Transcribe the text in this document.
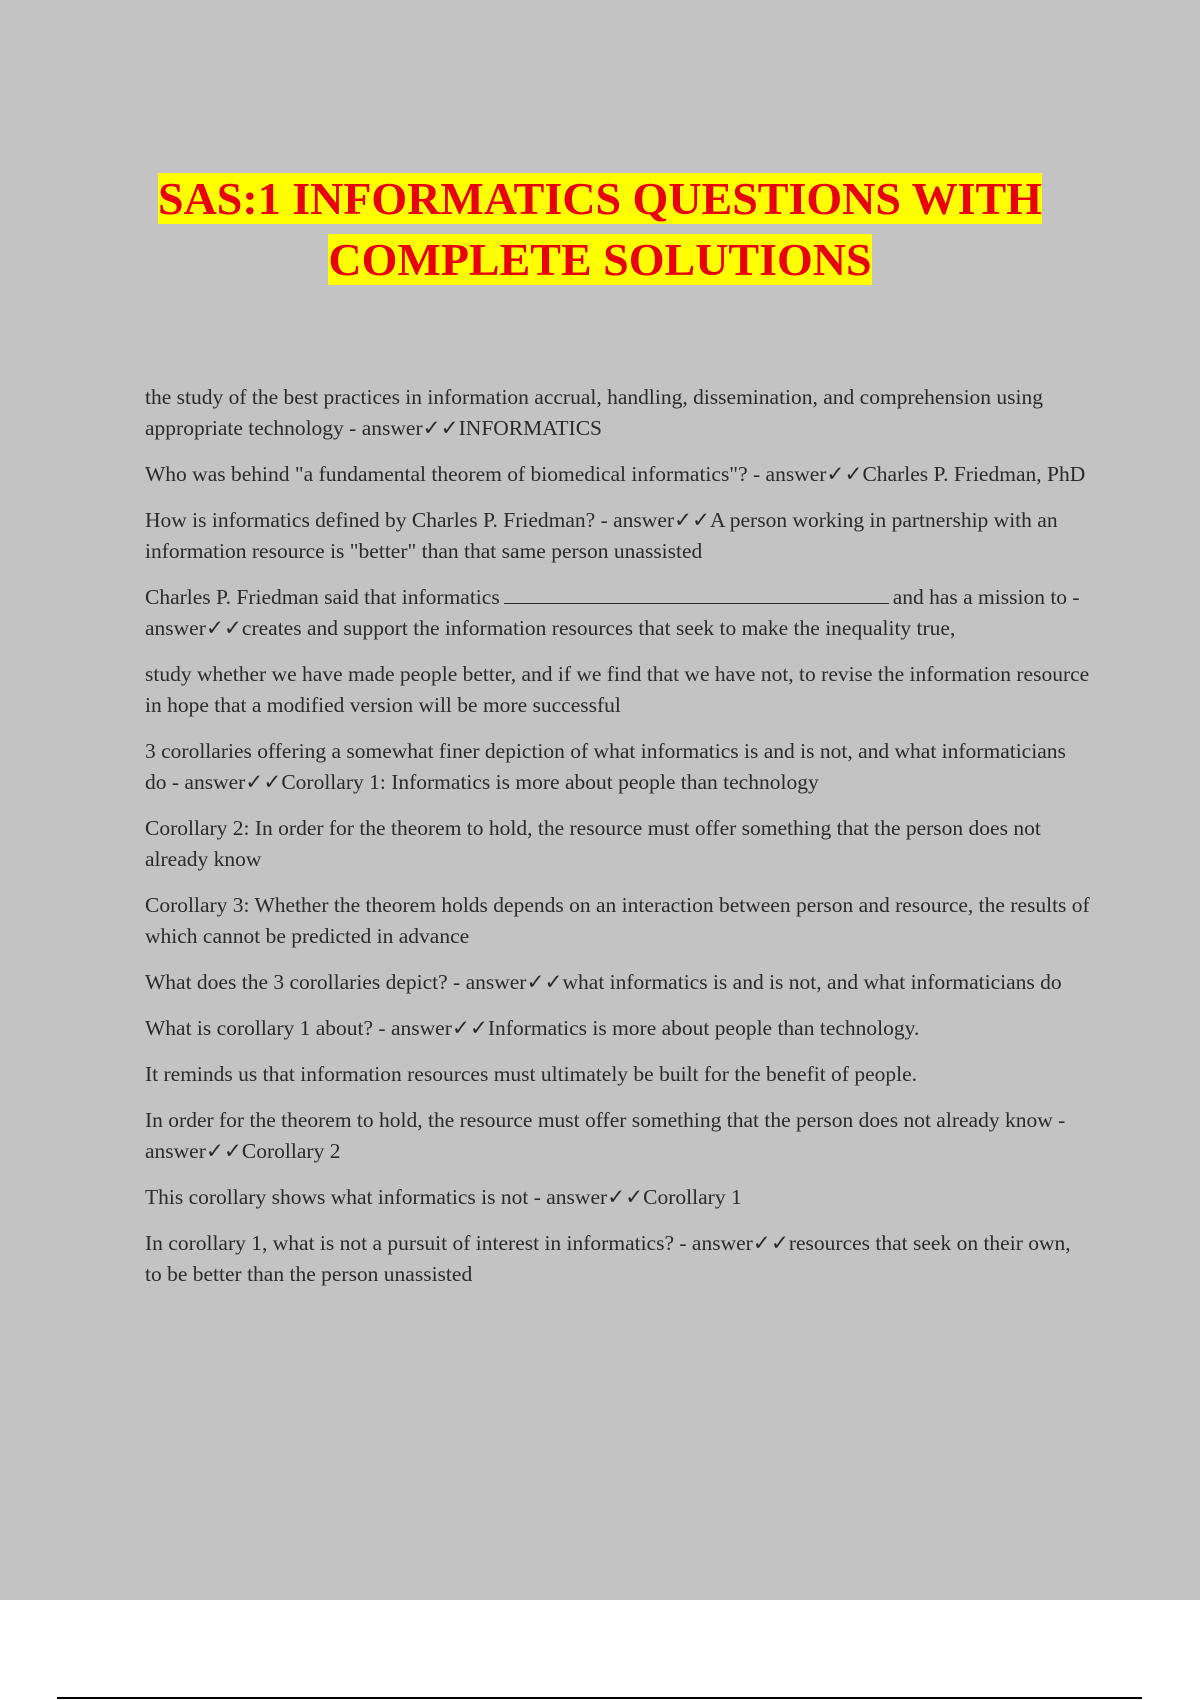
SAS:1 INFORMATICS QUESTIONS WITH
COMPLETE SOLUTIONS

the study of the best practices in information accrual, handling, dissemination, and comprehension using appropriate technology - answer✓✓INFORMATICS

Who was behind "a fundamental theorem of biomedical informatics"? - answer✓✓Charles P. Friedman, PhD

How is informatics defined by Charles P. Friedman? - answer✓✓A person working in partnership with an information resource is "better" than that same person unassisted

Charles P. Friedman said that informatics	and has a mission to - answer✓✓creates and support the information resources that seek to make the inequality true,

study whether we have made people better, and if we find that we have not, to revise the information resource in hope that a modified version will be more successful

3 corollaries offering a somewhat finer depiction of what informatics is and is not, and what informaticians do - answer✓✓Corollary 1: Informatics is more about people than technology

Corollary 2: In order for the theorem to hold, the resource must offer something that the person does not already know

Corollary 3: Whether the theorem holds depends on an interaction between person and resource, the results of which cannot be predicted in advance

What does the 3 corollaries depict? - answer✓✓what informatics is and is not, and what informaticians do

What is corollary 1 about? - answer✓✓Informatics is more about people than technology.

It reminds us that information resources must ultimately be built for the benefit of people.

In order for the theorem to hold, the resource must offer something that the person does not already know - answer✓✓Corollary 2

This corollary shows what informatics is not - answer✓✓Corollary 1

In corollary 1, what is not a pursuit of interest in informatics? - answer✓✓resources that seek on their own, to be better than the person unassisted
